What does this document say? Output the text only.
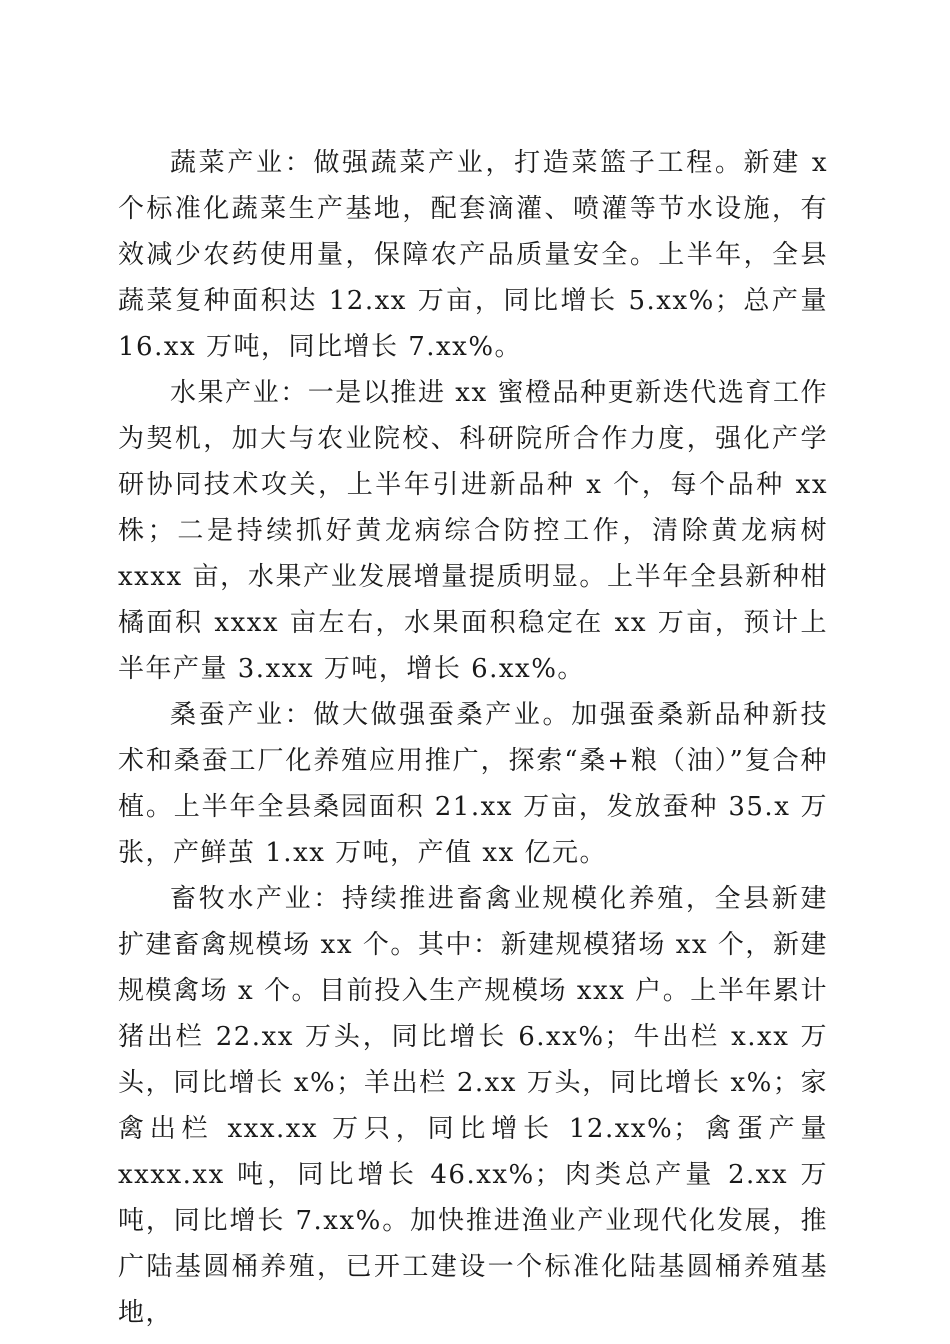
蔬菜产业：做强蔬菜产业，打造菜篮子工程。新建 x 个标准化蔬菜生产基地，配套滴灌、喷灌等节水设施，有效减少农药使用量，保障农产品质量安全。上半年，全县蔬菜复种面积达 12.xx 万亩，同比增长 5.xx%；总产量 16.xx 万吨，同比增长 7.xx%。

水果产业：一是以推进 xx 蜜橙品种更新迭代选育工作为契机，加大与农业院校、科研院所合作力度，强化产学研协同技术攻关，上半年引进新品种 x 个，每个品种 xx 株；二是持续抓好黄龙病综合防控工作，清除黄龙病树 xxxx 亩，水果产业发展增量提质明显。上半年全县新种柑橘面积 xxxx 亩左右，水果面积稳定在 xx 万亩，预计上半年产量 3.xxx 万吨，增长 6.xx%。

桑蚕产业：做大做强蚕桑产业。加强蚕桑新品种新技术和桑蚕工厂化养殖应用推广，探索“桑+粮（油）”复合种植。上半年全县桑园面积 21.xx 万亩，发放蚕种 35.x 万张，产鲜茧 1.xx 万吨，产值 xx 亿元。

畜牧水产业：持续推进畜禽业规模化养殖，全县新建扩建畜禽规模场 xx 个。其中：新建规模猪场 xx 个，新建规模禽场 x 个。目前投入生产规模场 xxx 户。上半年累计猪出栏 22.xx 万头，同比增长 6.xx%；牛出栏 x.xx 万头，同比增长 x%；羊出栏 2.xx 万头，同比增长 x%；家禽出栏 xxx.xx 万只，同比增长 12.xx%；禽蛋产量 xxxx.xx 吨，同比增长 46.xx%；肉类总产量 2.xx 万吨，同比增长 7.xx%。加快推进渔业产业现代化发展，推广陆基圆桶养殖，已开工建设一个标准化陆基圆桶养殖基地，
